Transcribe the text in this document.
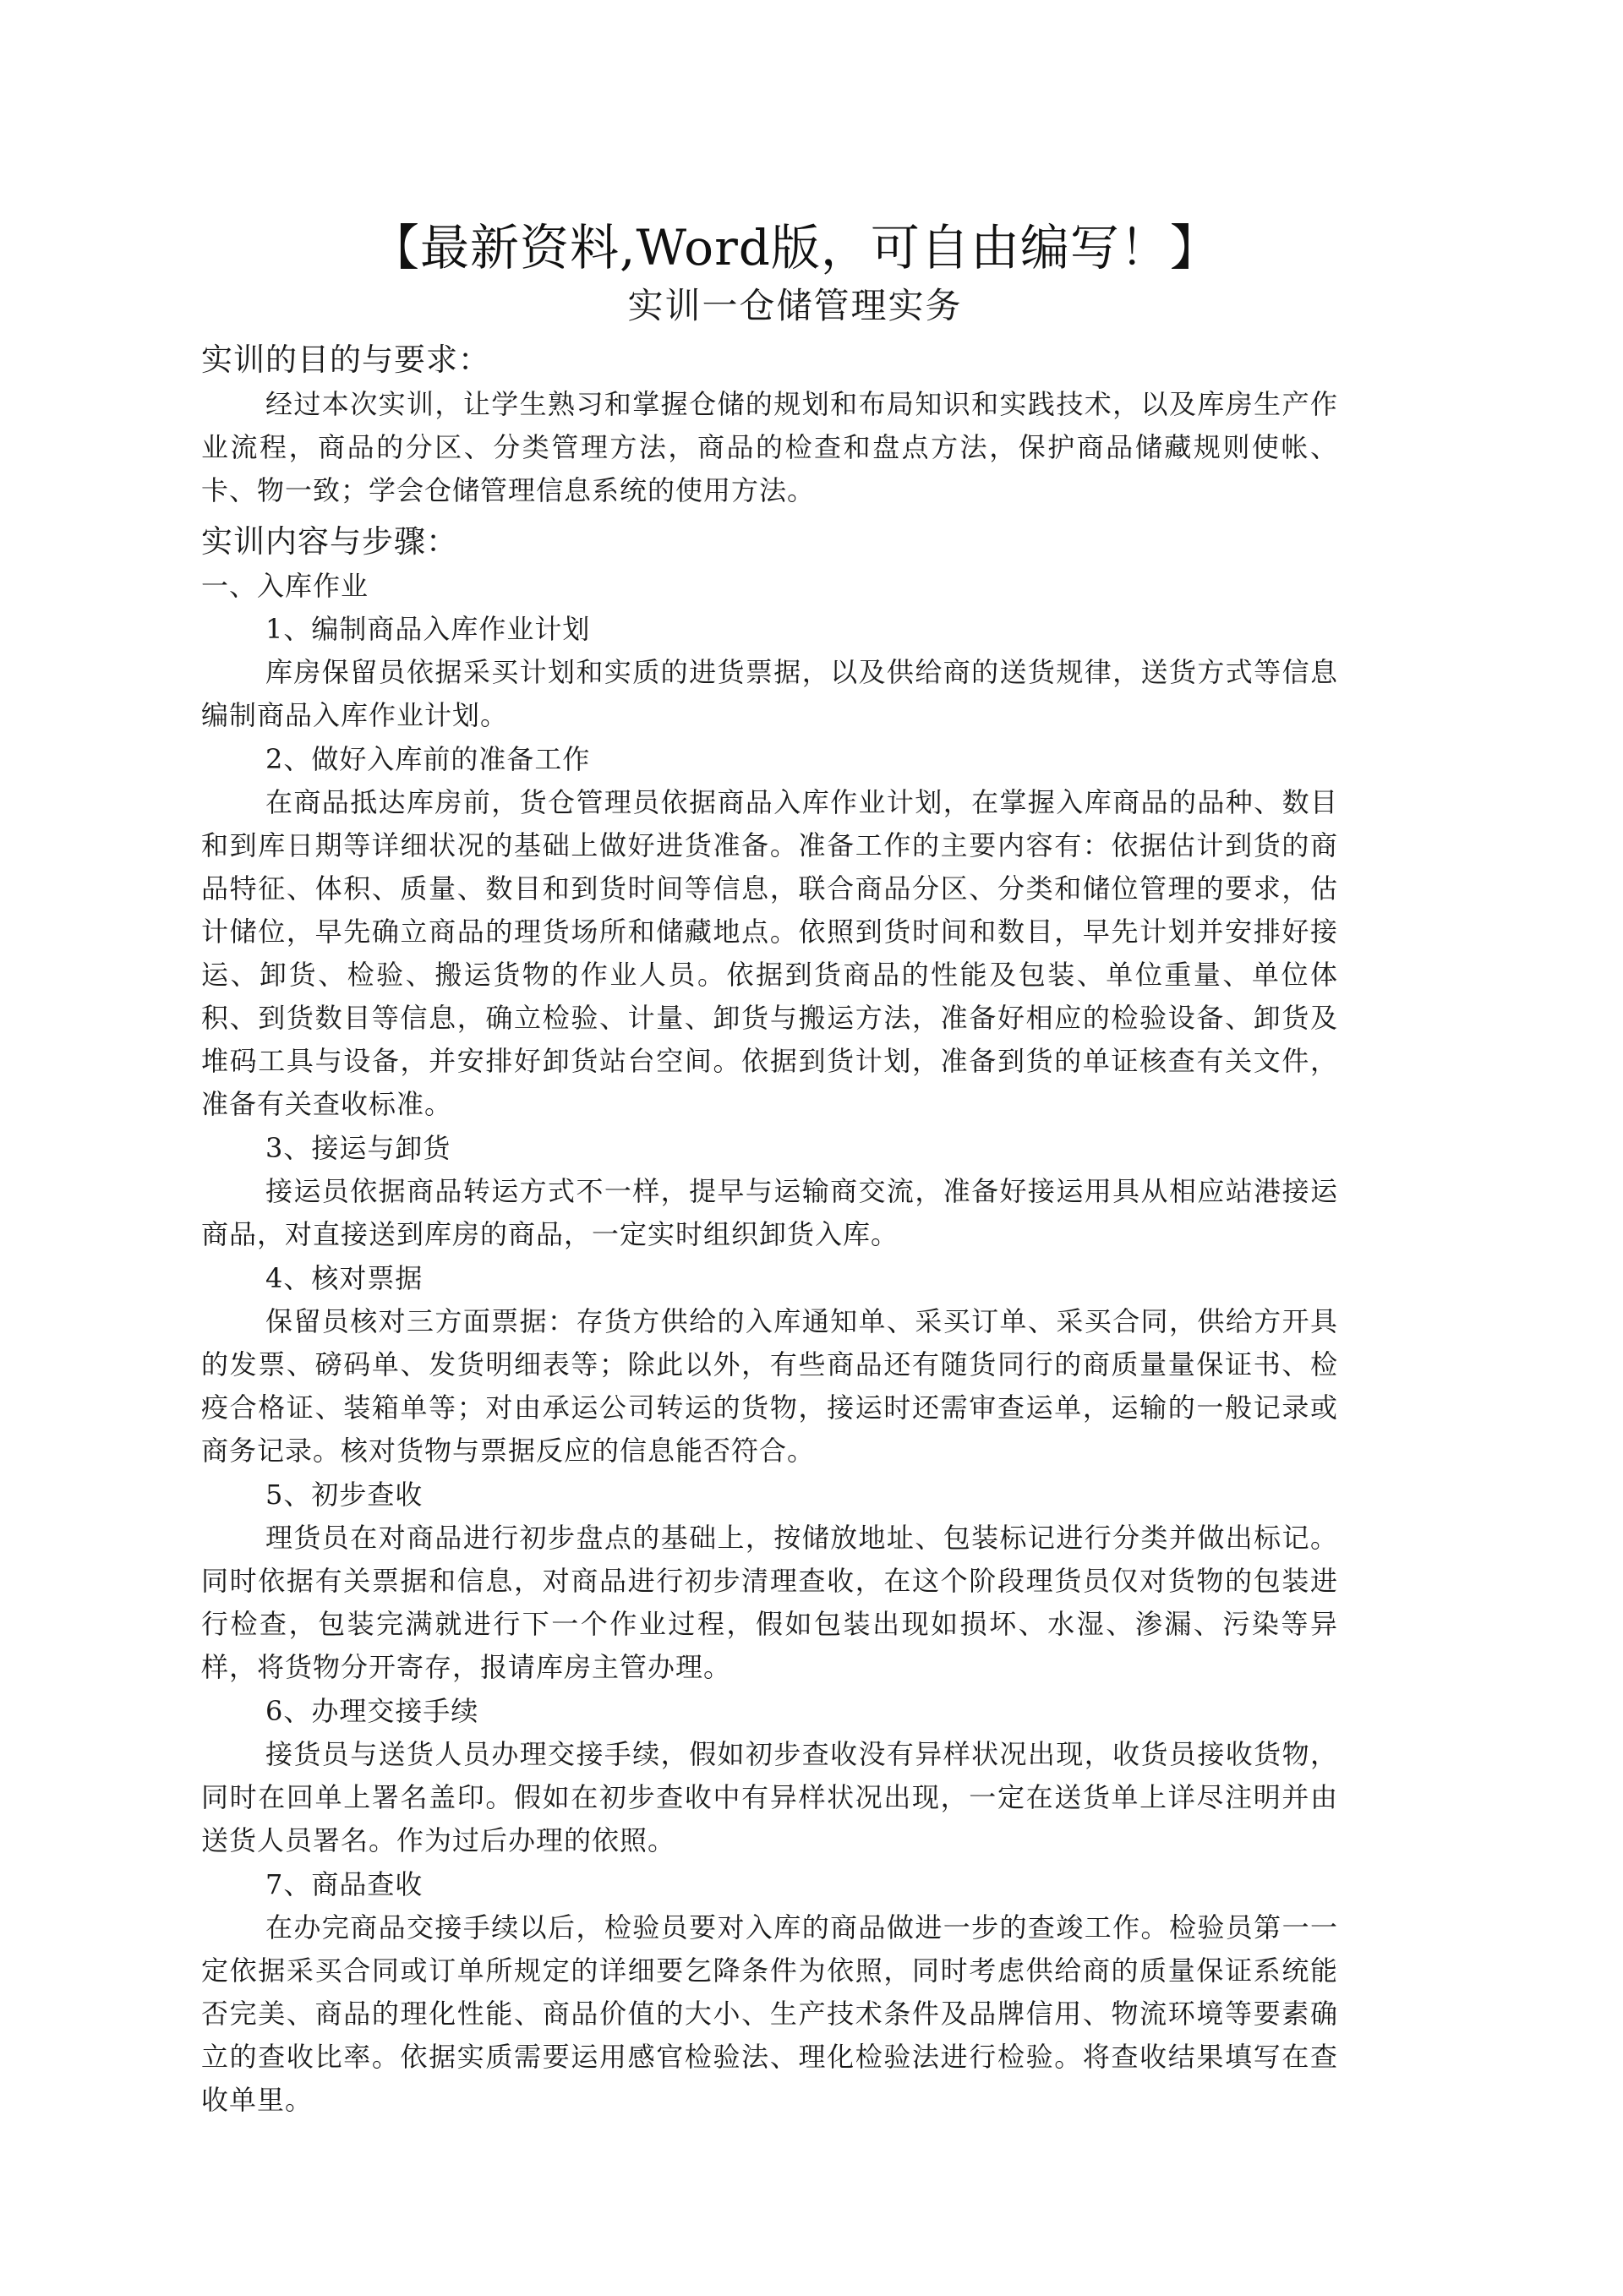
【最新资料,Word版，可自由编写！】
实训一仓储管理实务
实训的目的与要求：

经过本次实训，让学生熟习和掌握仓储的规划和布局知识和实践技术，以及库房生产作业流程，商品的分区、分类管理方法，商品的检查和盘点方法，保护商品储藏规则使帐、卡、物一致；学会仓储管理信息系统的使用方法。

实训内容与步骤：
一、入库作业
1、编制商品入库作业计划

库房保留员依据采买计划和实质的进货票据，以及供给商的送货规律，送货方式等信息编制商品入库作业计划。

2、做好入库前的准备工作

在商品抵达库房前，货仓管理员依据商品入库作业计划，在掌握入库商品的品种、数目和到库日期等详细状况的基础上做好进货准备。准备工作的主要内容有：依据估计到货的商品特征、体积、质量、数目和到货时间等信息，联合商品分区、分类和储位管理的要求，估计储位，早先确立商品的理货场所和储藏地点。依照到货时间和数目，早先计划并安排好接运、卸货、检验、搬运货物的作业人员。依据到货商品的性能及包装、单位重量、单位体积、到货数目等信息，确立检验、计量、卸货与搬运方法，准备好相应的检验设备、卸货及堆码工具与设备，并安排好卸货站台空间。依据到货计划，准备到货的单证核查有关文件，准备有关查收标准。

3、接运与卸货

接运员依据商品转运方式不一样，提早与运输商交流，准备好接运用具从相应站港接运商品，对直接送到库房的商品，一定实时组织卸货入库。

4、核对票据

保留员核对三方面票据：存货方供给的入库通知单、采买订单、采买合同，供给方开具的发票、磅码单、发货明细表等；除此以外，有些商品还有随货同行的商质量量保证书、检疫合格证、装箱单等；对由承运公司转运的货物，接运时还需审查运单，运输的一般记录或商务记录。核对货物与票据反应的信息能否符合。

5、初步查收

理货员在对商品进行初步盘点的基础上，按储放地址、包装标记进行分类并做出标记。同时依据有关票据和信息，对商品进行初步清理查收，在这个阶段理货员仅对货物的包装进行检查，包装完满就进行下一个作业过程，假如包装出现如损坏、水湿、渗漏、污染等异样，将货物分开寄存，报请库房主管办理。

6、办理交接手续

接货员与送货人员办理交接手续，假如初步查收没有异样状况出现，收货员接收货物，同时在回单上署名盖印。假如在初步查收中有异样状况出现，一定在送货单上详尽注明并由送货人员署名。作为过后办理的依照。

7、商品查收

在办完商品交接手续以后，检验员要对入库的商品做进一步的查竣工作。检验员第一一定依据采买合同或订单所规定的详细要乞降条件为依照，同时考虑供给商的质量保证系统能否完美、商品的理化性能、商品价值的大小、生产技术条件及品牌信用、物流环境等要素确立的查收比率。依据实质需要运用感官检验法、理化检验法进行检验。将查收结果填写在查收单里。
